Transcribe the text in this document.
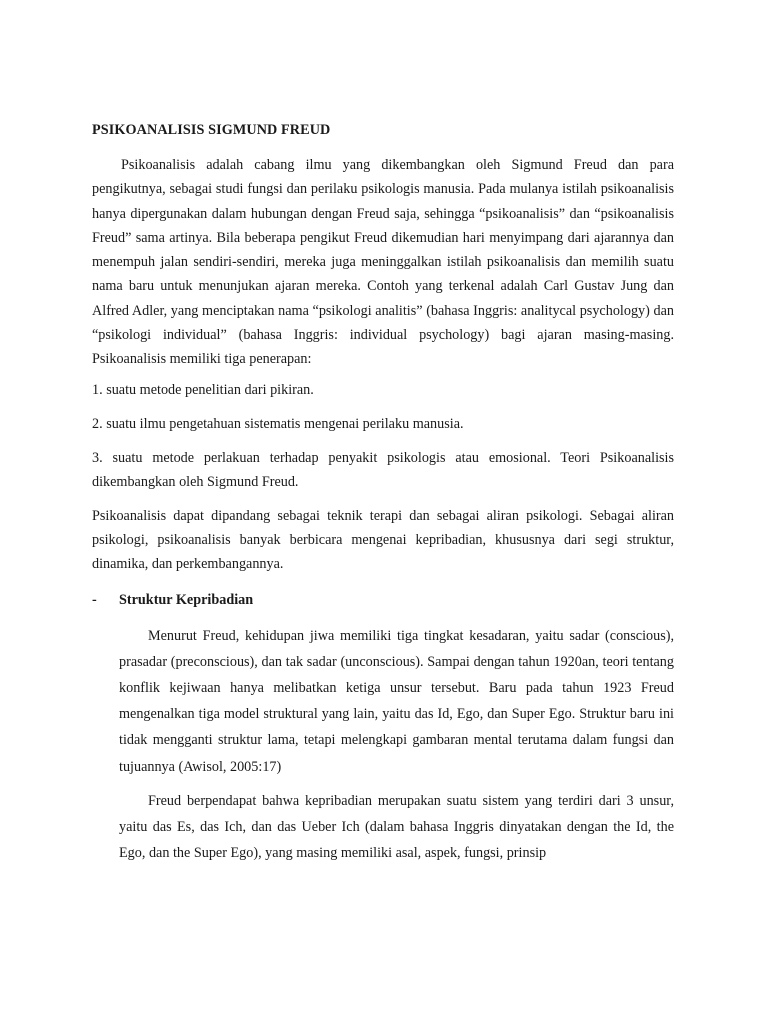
PSIKOANALISIS SIGMUND FREUD

Psikoanalisis adalah cabang ilmu yang dikembangkan oleh Sigmund Freud dan para pengikutnya, sebagai studi fungsi dan perilaku psikologis manusia. Pada mulanya istilah psikoanalisis hanya dipergunakan dalam hubungan dengan Freud saja, sehingga “psikoanalisis” dan “psikoanalisis Freud” sama artinya. Bila beberapa pengikut Freud dikemudian hari menyimpang dari ajarannya dan menempuh jalan sendiri-sendiri, mereka juga meninggalkan istilah psikoanalisis dan memilih suatu nama baru untuk menunjukan ajaran mereka. Contoh yang terkenal adalah Carl Gustav Jung dan Alfred Adler, yang menciptakan nama “psikologi analitis” (bahasa Inggris: analitycal psychology) dan “psikologi individual” (bahasa Inggris: individual psychology) bagi ajaran masing-masing. Psikoanalisis memiliki tiga penerapan:

1. suatu metode penelitian dari pikiran.

2. suatu ilmu pengetahuan sistematis mengenai perilaku manusia.

3. suatu metode perlakuan terhadap penyakit psikologis atau emosional. Teori Psikoanalisis dikembangkan oleh Sigmund Freud.

Psikoanalisis dapat dipandang sebagai teknik terapi dan sebagai aliran psikologi. Sebagai aliran psikologi, psikoanalisis banyak berbicara mengenai kepribadian, khususnya dari segi struktur, dinamika, dan perkembangannya.

-	Struktur Kepribadian

Menurut Freud, kehidupan jiwa memiliki tiga tingkat kesadaran, yaitu sadar (conscious), prasadar (preconscious), dan tak sadar (unconscious). Sampai dengan tahun 1920an, teori tentang konflik kejiwaan hanya melibatkan ketiga unsur tersebut. Baru pada tahun 1923 Freud mengenalkan tiga model struktural yang lain, yaitu das Id, Ego, dan Super Ego. Struktur baru ini tidak mengganti struktur lama, tetapi melengkapi gambaran mental terutama dalam fungsi dan tujuannya (Awisol, 2005:17)

Freud berpendapat bahwa kepribadian merupakan suatu sistem yang terdiri dari 3 unsur, yaitu das Es, das Ich, dan das Ueber Ich (dalam bahasa Inggris dinyatakan dengan the Id, the Ego, dan the Super Ego), yang masing memiliki asal, aspek, fungsi, prinsip
